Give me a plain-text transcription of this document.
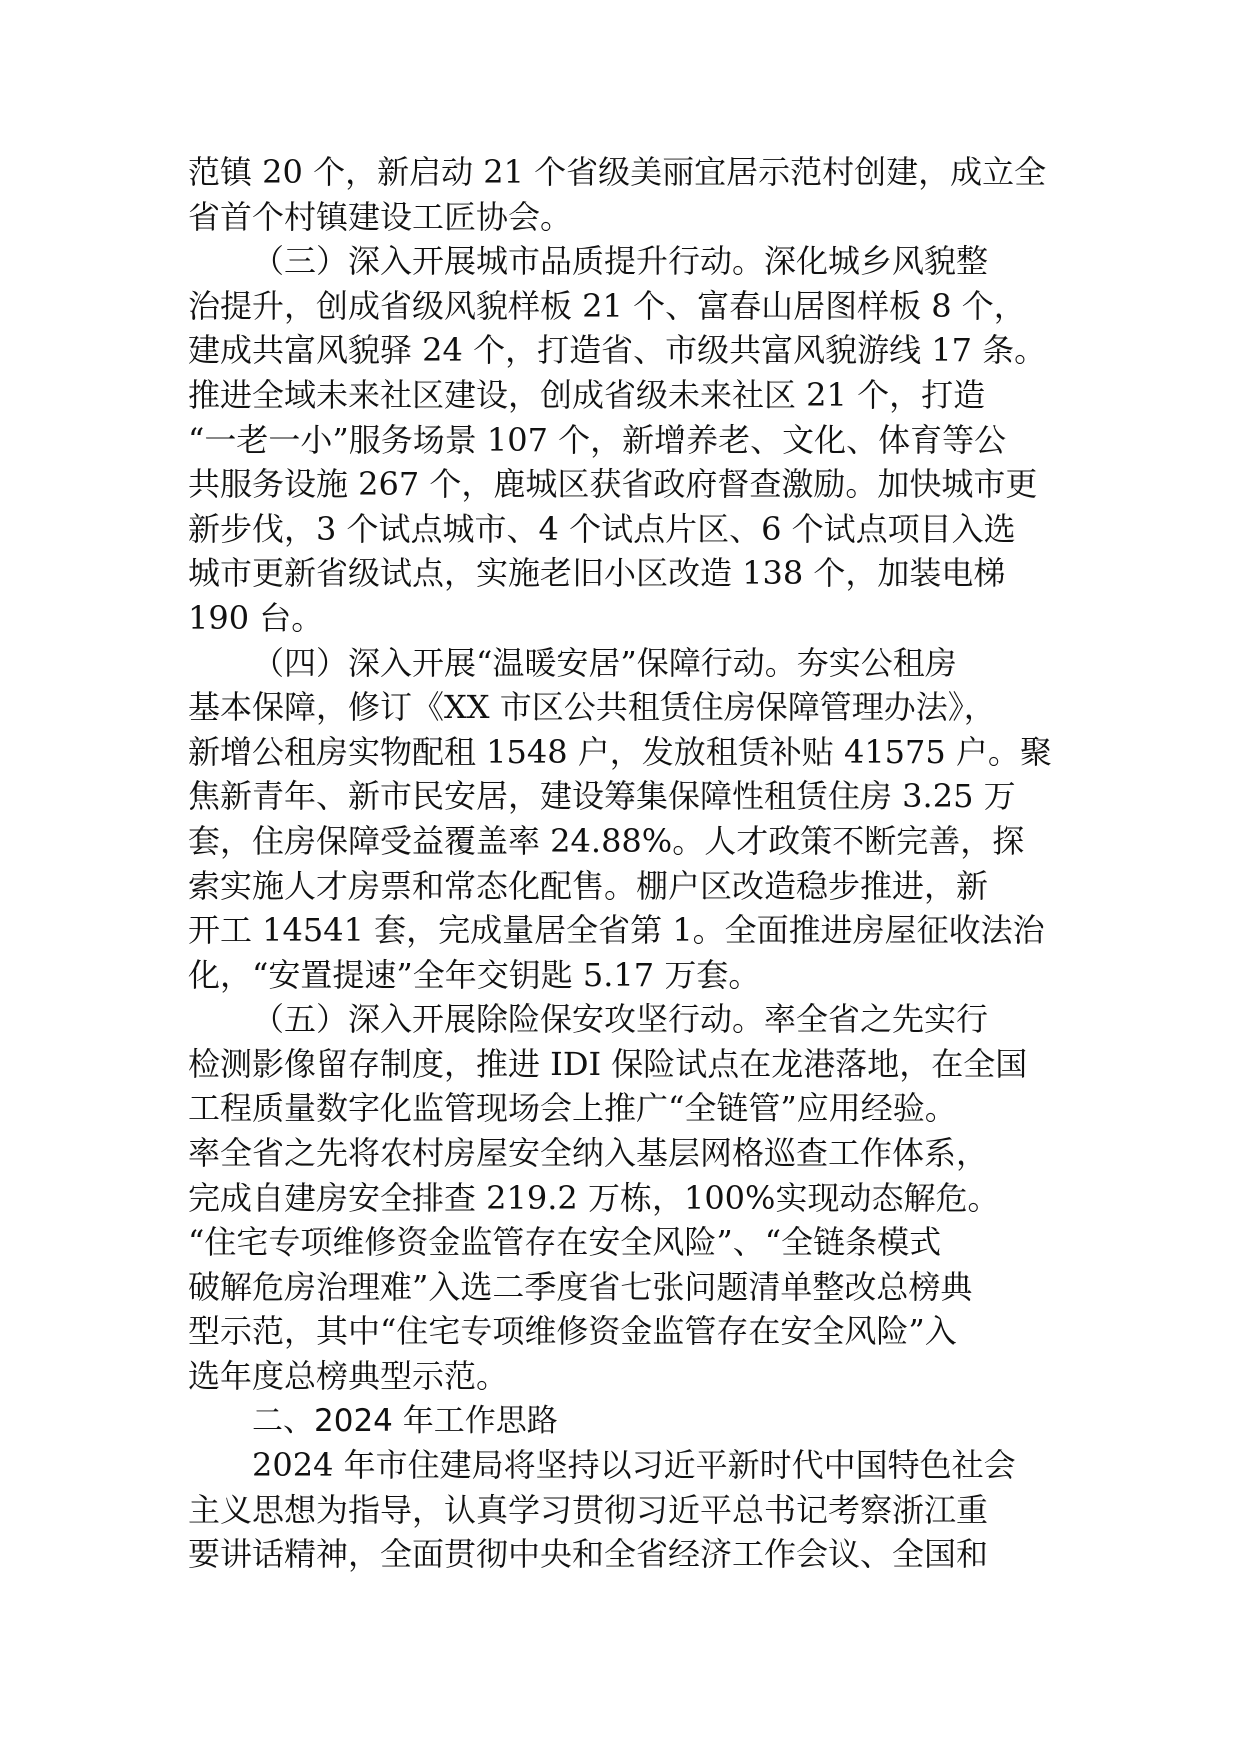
范镇 20 个，新启动 21 个省级美丽宜居示范村创建，成立全
省首个村镇建设工匠协会。
（三）深入开展城市品质提升行动。深化城乡风貌整
治提升，创成省级风貌样板 21 个、富春山居图样板 8 个，
建成共富风貌驿 24 个，打造省、市级共富风貌游线 17 条。
推进全域未来社区建设，创成省级未来社区 21 个，打造
“一老一小”服务场景 107 个，新增养老、文化、体育等公
共服务设施 267 个，鹿城区获省政府督查激励。加快城市更
新步伐，3 个试点城市、4 个试点片区、6 个试点项目入选
城市更新省级试点，实施老旧小区改造 138 个，加装电梯
190 台。
（四）深入开展“温暖安居”保障行动。夯实公租房
基本保障，修订《XX 市区公共租赁住房保障管理办法》，
新增公租房实物配租 1548 户，发放租赁补贴 41575 户。聚
焦新青年、新市民安居，建设筹集保障性租赁住房 3.25 万
套，住房保障受益覆盖率 24.88%。人才政策不断完善，探
索实施人才房票和常态化配售。棚户区改造稳步推进，新
开工 14541 套，完成量居全省第 1。全面推进房屋征收法治
化，“安置提速”全年交钥匙 5.17 万套。
（五）深入开展除险保安攻坚行动。率全省之先实行
检测影像留存制度，推进 IDI 保险试点在龙港落地，在全国
工程质量数字化监管现场会上推广“全链管”应用经验。
率全省之先将农村房屋安全纳入基层网格巡查工作体系，
完成自建房安全排查 219.2 万栋，100%实现动态解危。
“住宅专项维修资金监管存在安全风险”、“全链条模式
破解危房治理难”入选二季度省七张问题清单整改总榜典
型示范，其中“住宅专项维修资金监管存在安全风险”入
选年度总榜典型示范。
二、2024 年工作思路
2024 年市住建局将坚持以习近平新时代中国特色社会
主义思想为指导，认真学习贯彻习近平总书记考察浙江重
要讲话精神，全面贯彻中央和全省经济工作会议、全国和
